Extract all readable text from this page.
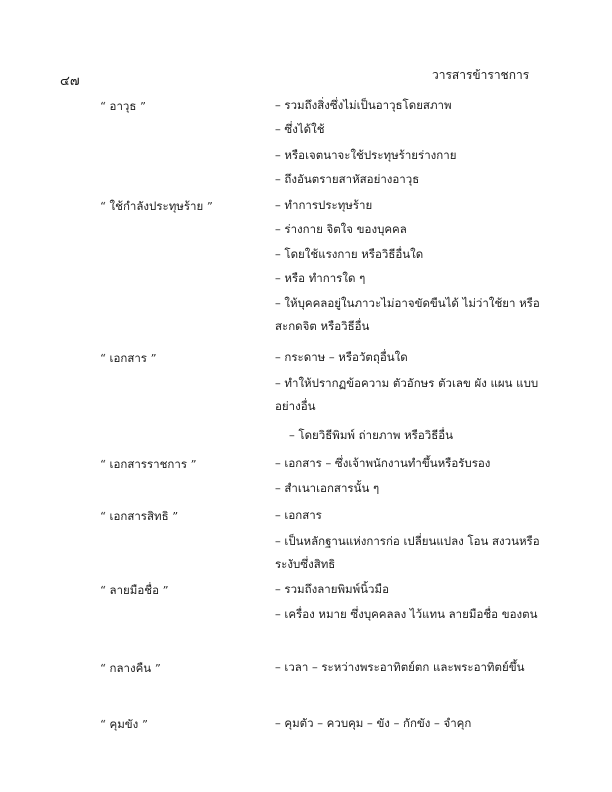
๔๗	วารสารข้าราชการ
“ อาวุธ ”	– รวมถึงสิ่งซึ่งไม่เป็นอาวุธโดยสภาพ
– ซึ่งได้ใช้
– หรือเจตนาจะใช้ประทุษร้ายร่างกาย
– ถึงอันตรายสาหัสอย่างอาวุธ
“ ใช้กำลังประทุษร้าย ”	– ทำการประทุษร้าย
– ร่างกาย จิตใจ ของบุคคล
– โดยใช้แรงกาย หรือวิธีอื่นใด
– หรือ ทำการใด ๆ
– ให้บุคคลอยู่ในภาวะไม่อาจขัดขืนได้ ไม่ว่าใช้ยา หรือสะกดจิต หรือวิธีอื่น
“ เอกสาร ”	– กระดาษ – หรือวัตถุอื่นใด
– ทำให้ปรากฏข้อความ ตัวอักษร ตัวเลข ผัง แผน แบบอย่างอื่น
– โดยวิธีพิมพ์ ถ่ายภาพ หรือวิธีอื่น
“ เอกสารราชการ ”	– เอกสาร – ซึ่งเจ้าพนักงานทำขึ้นหรือรับรอง
– สำเนาเอกสารนั้น ๆ
“ เอกสารสิทธิ ”	– เอกสาร
– เป็นหลักฐานแห่งการก่อ เปลี่ยนแปลง โอน สงวนหรือระงับซึ่งสิทธิ
“ ลายมือชื่อ ”	– รวมถึงลายพิมพ์นิ้วมือ
– เครื่อง หมาย ซึ่งบุคคลลง ไว้แทน ลายมือชื่อ ของตน
“ กลางคืน ”	– เวลา – ระหว่างพระอาทิตย์ตก และพระอาทิตย์ขึ้น
“ คุมขัง ”	– คุมตัว – ควบคุม – ขัง – กักขัง – จำคุก
